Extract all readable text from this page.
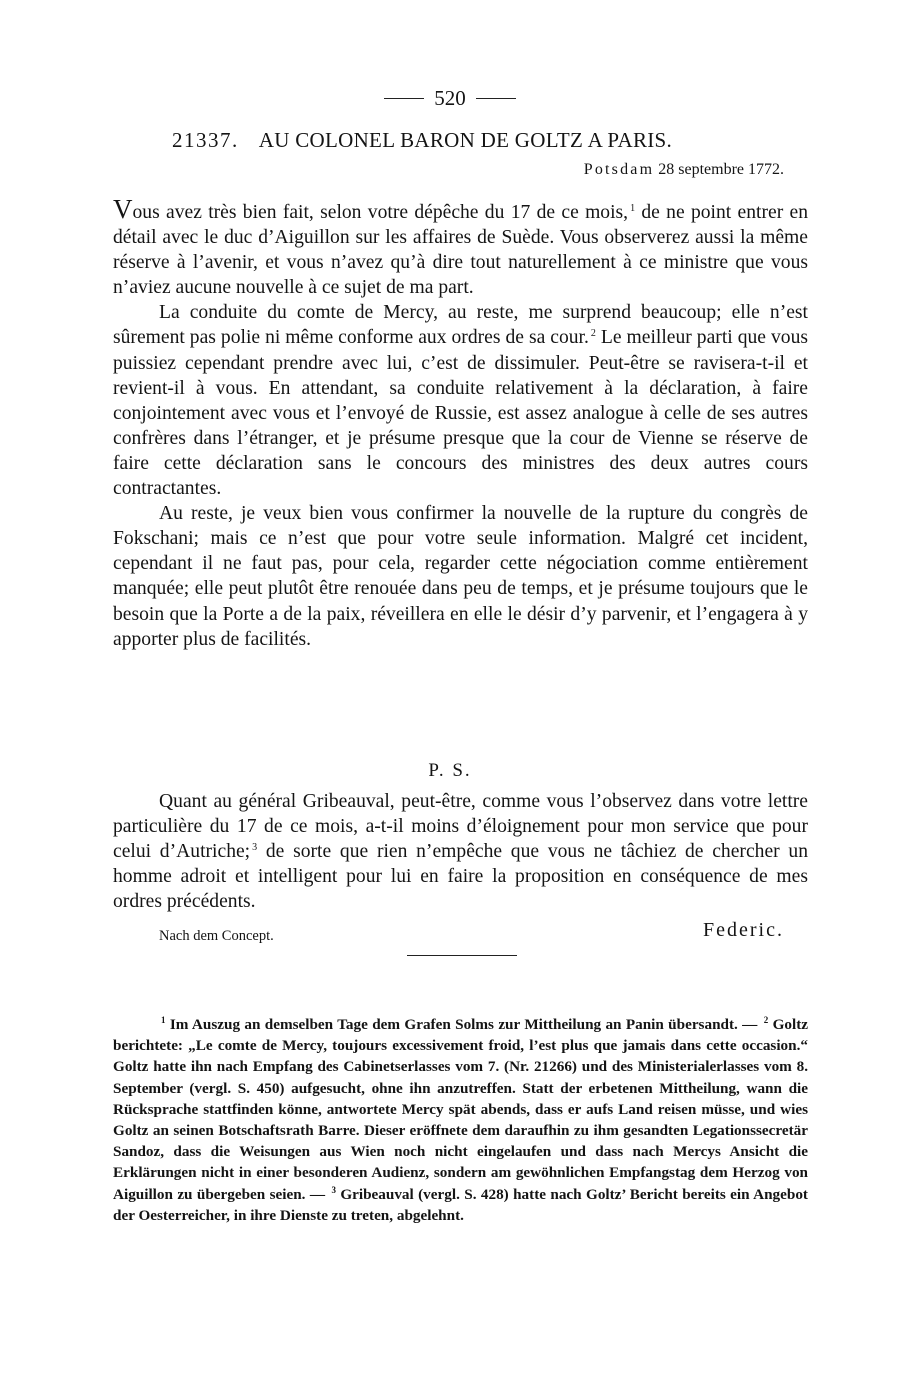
520
21337. AU COLONEL BARON DE GOLTZ A PARIS.
Potsdam 28 septembre 1772.

Vous avez très bien fait, selon votre dépêche du 17 de ce mois, $^1$ de ne point entrer en détail avec le duc d’Aiguillon sur les affaires de Suède. Vous observerez aussi la même réserve à l’avenir, et vous n’avez qu’à dire tout naturellement à ce ministre que vous n’aviez aucune nouvelle à ce sujet de ma part.

La conduite du comte de Mercy, au reste, me surprend beaucoup; elle n’est sûrement pas polie ni même conforme aux ordres de sa cour. $^2$ Le meilleur parti que vous puissiez cependant prendre avec lui, c’est de dissimuler. Peut-être se ravisera-t-il et revient-il à vous. En attendant, sa conduite relativement à la déclaration, à faire conjointement avec vous et l’envoyé de Russie, est assez analogue à celle de ses autres confrères dans l’étranger, et je présume presque que la cour de Vienne se réserve de faire cette déclaration sans le concours des ministres des deux autres cours contractantes.

Au reste, je veux bien vous confirmer la nouvelle de la rupture du congrès de Fokschani; mais ce n’est que pour votre seule information. Malgré cet incident, cependant il ne faut pas, pour cela, regarder cette négociation comme entièrement manquée; elle peut plutôt être renouée dans peu de temps, et je présume toujours que le besoin que la Porte a de la paix, réveillera en elle le désir d’y parvenir, et l’engagera à y apporter plus de facilités.

P. S.

Quant au général Gribeauval, peut-être, comme vous l’observez dans votre lettre particulière du 17 de ce mois, a-t-il moins d’éloignement pour mon service que pour celui d’Autriche; $^3$ de sorte que rien n’empêche que vous ne tâchiez de chercher un homme adroit et intelligent pour lui en faire la proposition en conséquence de mes ordres précédents.

Nach dem Concept.	Federic.

$^1$ Im Auszug an demselben Tage dem Grafen Solms zur Mittheilung an Panin übersandt. — $^2$ Goltz berichtete: „Le comte de Mercy, toujours excessivement froid, l’est plus que jamais dans cette occasion.“ Goltz hatte ihn nach Empfang des Cabinetserlasses vom 7. (Nr. 21266) und des Ministerialerlasses vom 8. September (vergl. S. 450) aufgesucht, ohne ihn anzutreffen. Statt der erbetenen Mittheilung, wann die Rücksprache stattfinden könne, antwortete Mercy spät abends, dass er aufs Land reisen müsse, und wies Goltz an seinen Botschaftsrath Barre. Dieser eröffnete dem daraufhin zu ihm gesandten Legationssecretär Sandoz, dass die Weisungen aus Wien noch nicht eingelaufen und dass nach Mercys Ansicht die Erklärungen nicht in einer besonderen Audienz, sondern am gewöhnlichen Empfangstag dem Herzog von Aiguillon zu übergeben seien. — $^3$ Gribeauval (vergl. S. 428) hatte nach Goltz’ Bericht bereits ein Angebot der Oesterreicher, in ihre Dienste zu treten, abgelehnt.
